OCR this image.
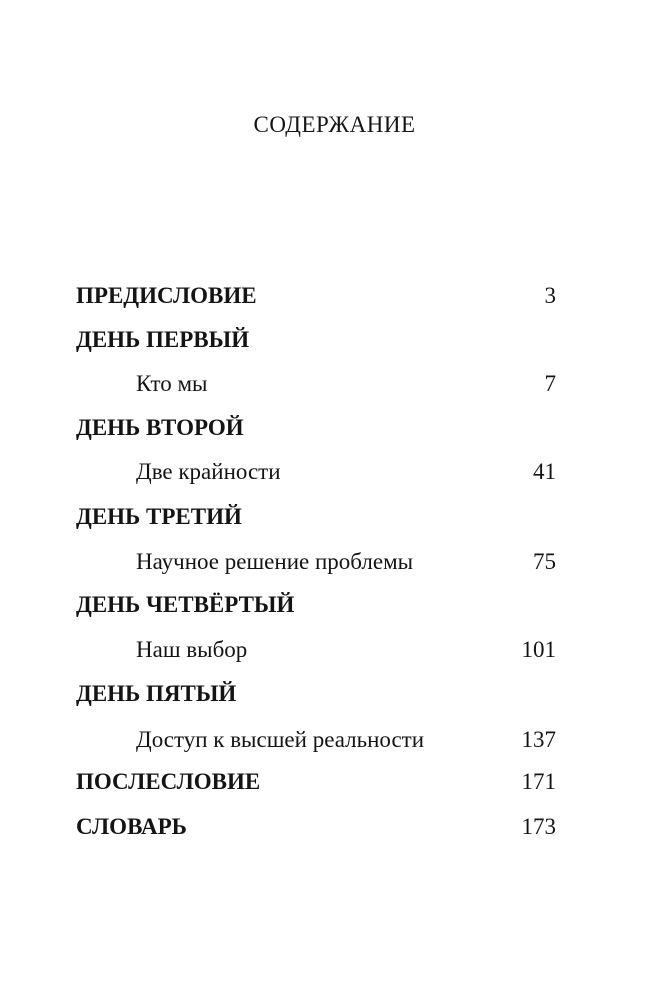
СОДЕРЖАНИЕ
ПРЕДИСЛОВИЕ	3
ДЕНЬ ПЕРВЫЙ
Кто мы	7
ДЕНЬ ВТОРОЙ
Две крайности	41
ДЕНЬ ТРЕТИЙ
Научное решение проблемы	75
ДЕНЬ ЧЕТВЁРТЫЙ
Наш выбор	101
ДЕНЬ ПЯТЫЙ
Доступ к высшей реальности	137
ПОСЛЕСЛОВИЕ	171
СЛОВАРЬ	173
